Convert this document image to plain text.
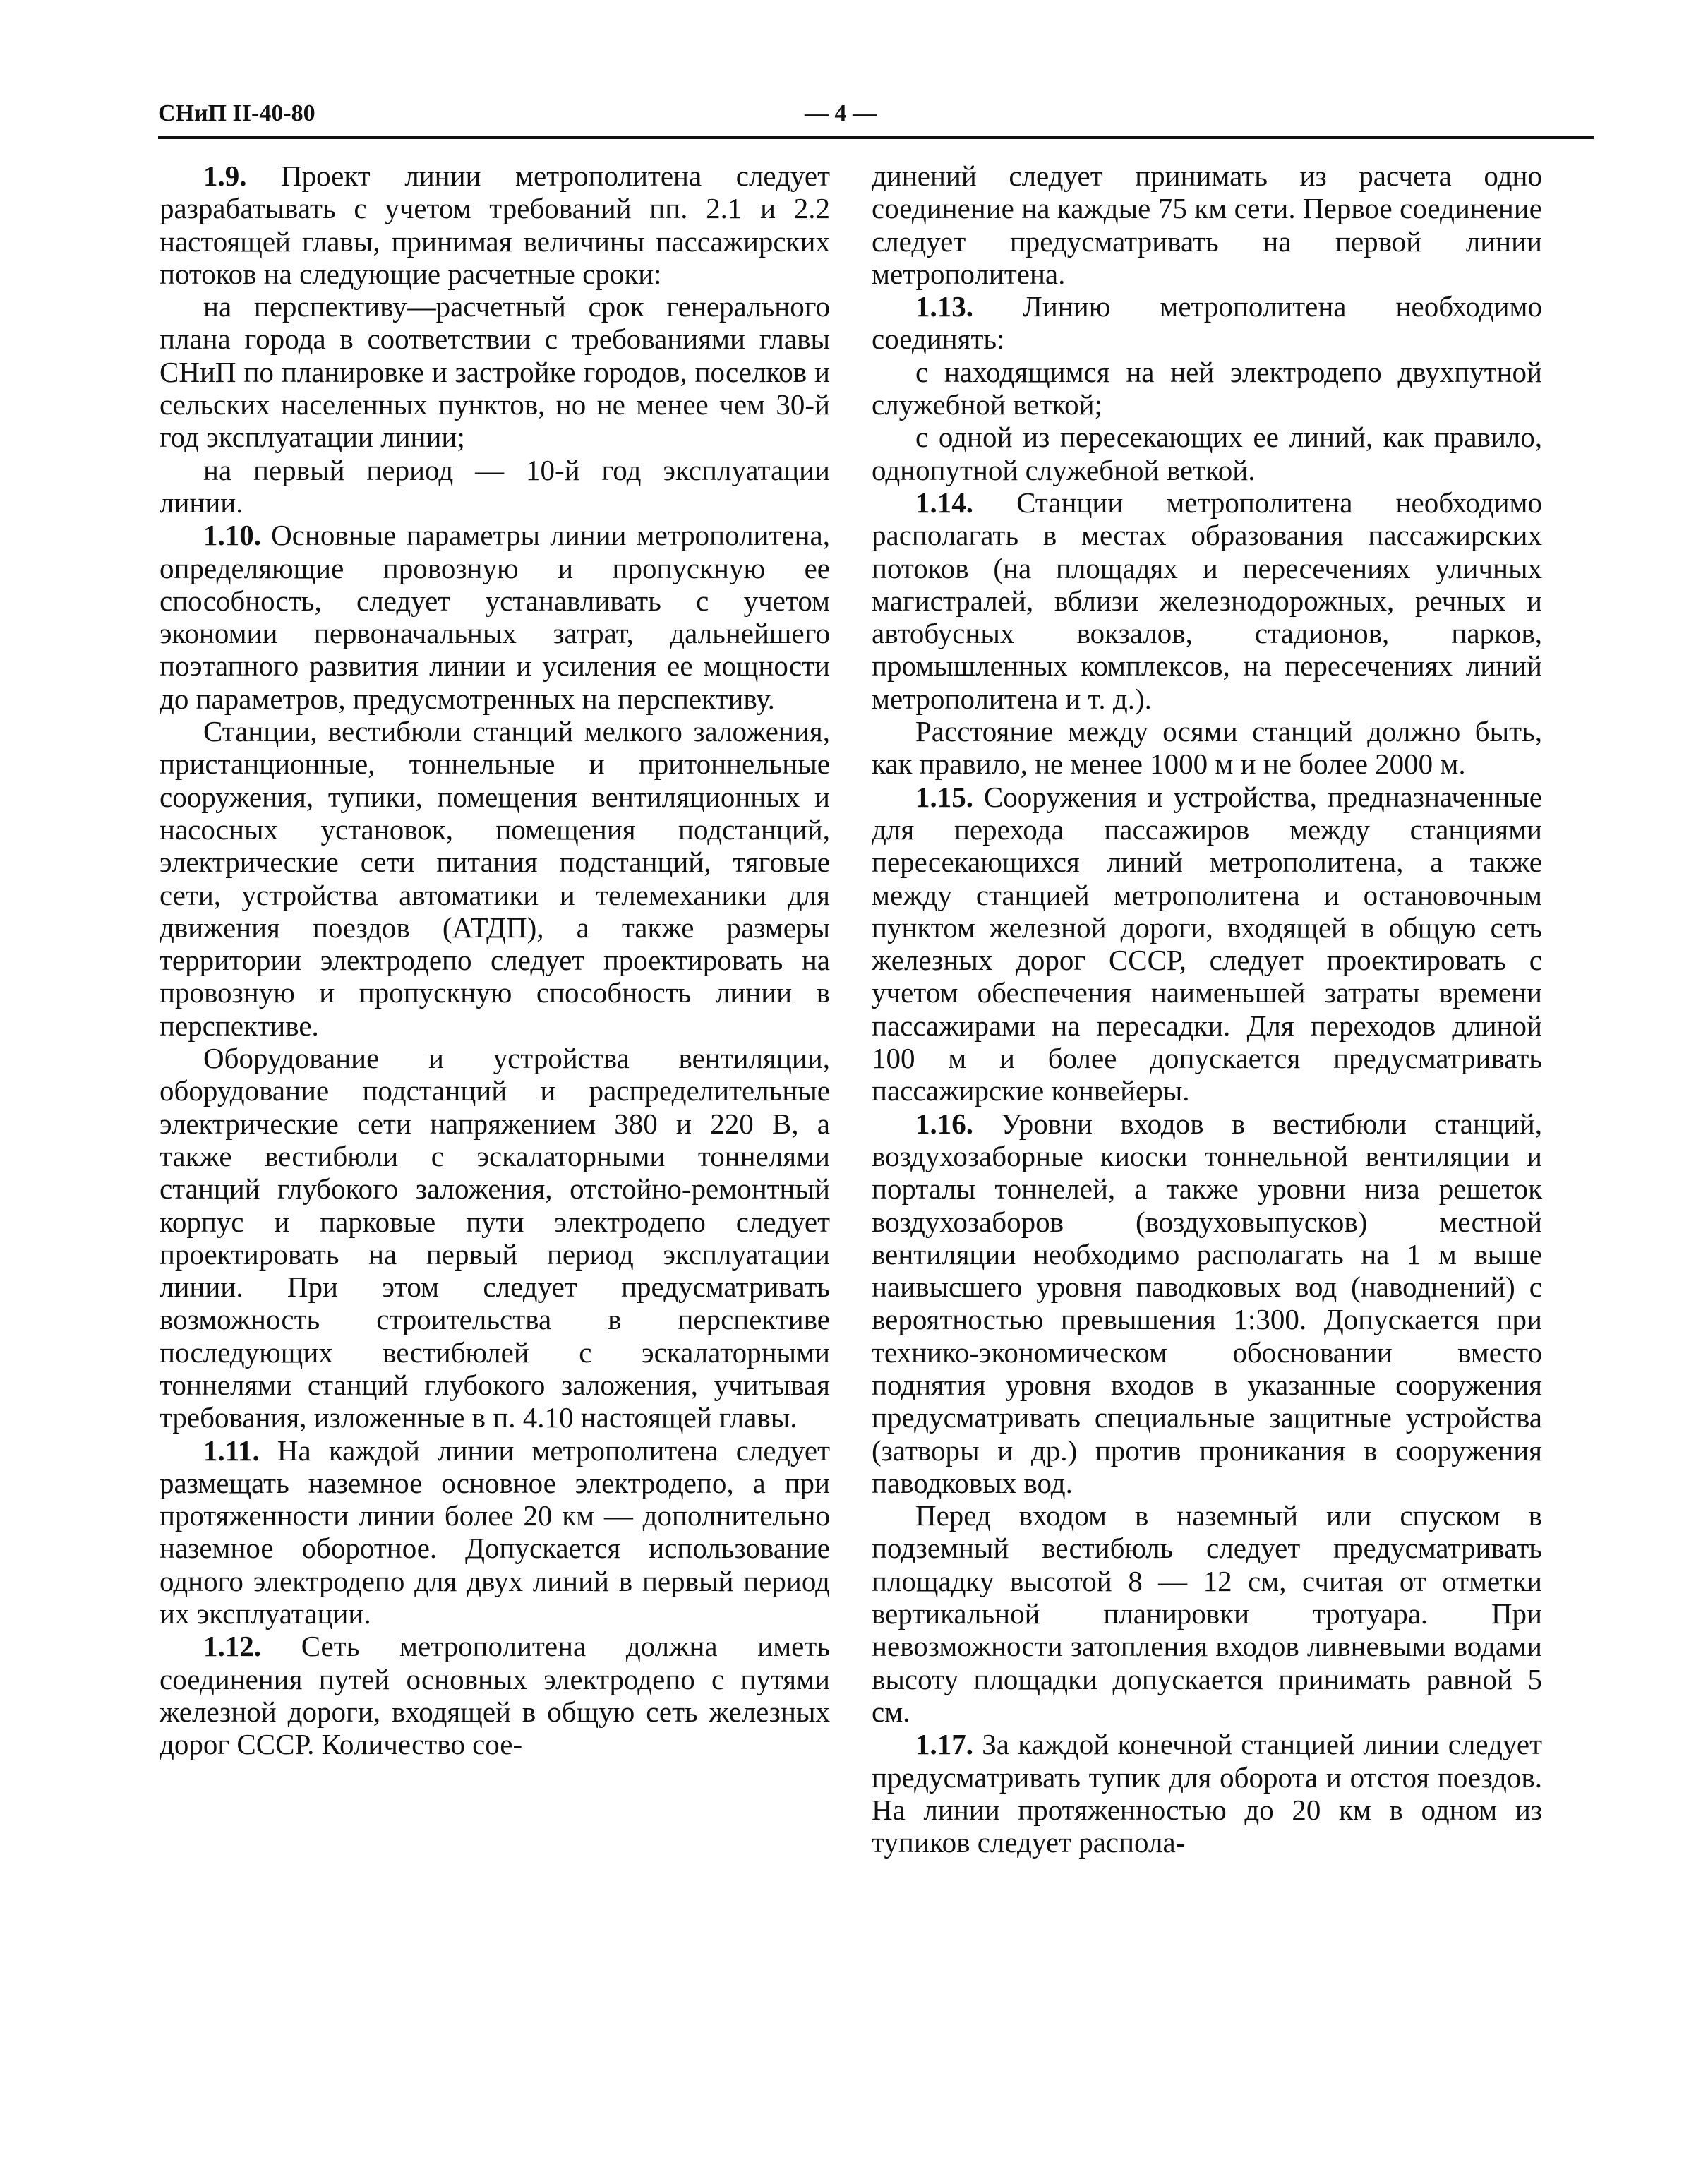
СНиП II-40-80	— 4 —

1.9. Проект линии метрополитена следует разрабатывать с учетом требований пп. 2.1 и 2.2 настоящей главы, принимая величины пассажирских потоков на следующие расчетные сроки:

на перспективу—расчетный срок генерального плана города в соответствии с требованиями главы СНиП по планировке и застройке городов, поселков и сельских населенных пунктов, но не менее чем 30-й год эксплуатации линии;

на первый период — 10-й год эксплуатации линии.

1.10. Основные параметры линии метрополитена, определяющие провозную и пропускную ее способность, следует устанавливать с учетом экономии первоначальных затрат, дальнейшего поэтапного развития линии и усиления ее мощности до параметров, предусмотренных на перспективу.

Станции, вестибюли станций мелкого заложения, пристанционные, тоннельные и притоннельные сооружения, тупики, помещения вентиляционных и насосных установок, помещения подстанций, электрические сети питания подстанций, тяговые сети, устройства автоматики и телемеханики для движения поездов (АТДП), а также размеры территории электродепо следует проектировать на провозную и пропускную способность линии в перспективе.

Оборудование и устройства вентиляции, оборудование подстанций и распределительные электрические сети напряжением 380 и 220 В, а также вестибюли с эскалаторными тоннелями станций глубокого заложения, отстойно-ремонтный корпус и парковые пути электродепо следует проектировать на первый период эксплуатации линии. При этом следует предусматривать возможность строительства в перспективе последующих вестибюлей с эскалаторными тоннелями станций глубокого заложения, учитывая требования, изложенные в п. 4.10 настоящей главы.

1.11. На каждой линии метрополитена следует размещать наземное основное электродепо, а при протяженности линии более 20 км — дополнительно наземное оборотное. Допускается использование одного электродепо для двух линий в первый период их эксплуатации.

1.12. Сеть метрополитена должна иметь соединения путей основных электродепо с путями железной дороги, входящей в общую сеть железных дорог СССР. Количество сое-

динений следует принимать из расчета одно соединение на каждые 75 км сети. Первое соединение следует предусматривать на первой линии метрополитена.

1.13. Линию метрополитена необходимо соединять:

с находящимся на ней электродепо двухпутной служебной веткой;

с одной из пересекающих ее линий, как правило, однопутной служебной веткой.

1.14. Станции метрополитена необходимо располагать в местах образования пассажирских потоков (на площадях и пересечениях уличных магистралей, вблизи железнодорожных, речных и автобусных вокзалов, стадионов, парков, промышленных комплексов, на пересечениях линий метрополитена и т. д.).

Расстояние между осями станций должно быть, как правило, не менее 1000 м и не более 2000 м.

1.15. Сооружения и устройства, предназначенные для перехода пассажиров между станциями пересекающихся линий метрополитена, а также между станцией метрополитена и остановочным пунктом железной дороги, входящей в общую сеть железных дорог СССР, следует проектировать с учетом обеспечения наименьшей затраты времени пассажирами на пересадки. Для переходов длиной 100 м и более допускается предусматривать пассажирские конвейеры.

1.16. Уровни входов в вестибюли станций, воздухозаборные киоски тоннельной вентиляции и порталы тоннелей, а также уровни низа решеток воздухозаборов (воздуховыпусков) местной вентиляции необходимо располагать на 1 м выше наивысшего уровня паводковых вод (наводнений) с вероятностью превышения 1:300. Допускается при технико-экономическом обосновании вместо поднятия уровня входов в указанные сооружения предусматривать специальные защитные устройства (затворы и др.) против проникания в сооружения паводковых вод.

Перед входом в наземный или спуском в подземный вестибюль следует предусматривать площадку высотой 8 — 12 см, считая от отметки вертикальной планировки тротуара. При невозможности затопления входов ливневыми водами высоту площадки допускается принимать равной 5 см.

1.17. За каждой конечной станцией линии следует предусматривать тупик для оборота и отстоя поездов. На линии протяженностью до 20 км в одном из тупиков следует распола-
